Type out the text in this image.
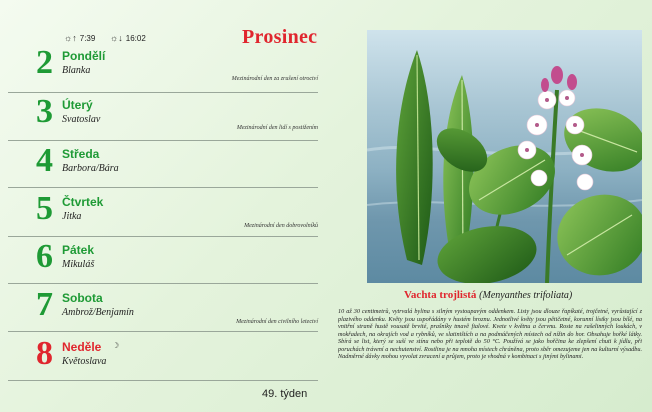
☼↑ 7:39 ☼↓ 16:02	Prosinec
2 Pondělí
Blanka
Mezinárodní den za zrušení otroctví
3 Úterý
Svatoslav
Mezinárodní den lidí s postižením
4 Středa
Barbora/Bára
5 Čtvrtek
Jitka
Mezinárodní den dobrovolníků
6 Pátek
Mikuláš
7 Sobota
Ambrož/Benjamín
Mezinárodní den civilního letectví
8 Neděle ☽
Květoslava
49. týden
Vachta trojlistá (Menyanthes trifoliata)
10 až 30 centimetrů, vytrvalá bylina s silným vystoupavým oddenkem. Listy jsou dlouze řapíkaté, trojčetné, vyrůstající z plazivého oddenku. Květy jsou uspořádány v hustém hroznu. Jednotlivé květy jsou pětičetné, korunní lístky jsou bílé, na vnitřní straně hustě vousatě brvité, prašníky tmavě fialové. Kvete v květnu a červnu. Roste na rašelinných loukách, v mokřadech, na okrajích vod a rybníků, ve slatiništích a na podmáčených místech od nížin do hor. Obsahuje hořké látky. Sbírá se list, který se suší ve stínu nebo při teplotě do 50 °C. Používá se jako hořčina ke zlepšení chuti k jídlu, při poruchách trávení a nechutenství. Rostlina je na mnoha místech chráněna, proto sběr omezujeme jen na kulturní výsadbu. Nadměrné dávky mohou vyvolat zvracení a průjem, proto je vhodná v kombinaci s jinými bylinami.
